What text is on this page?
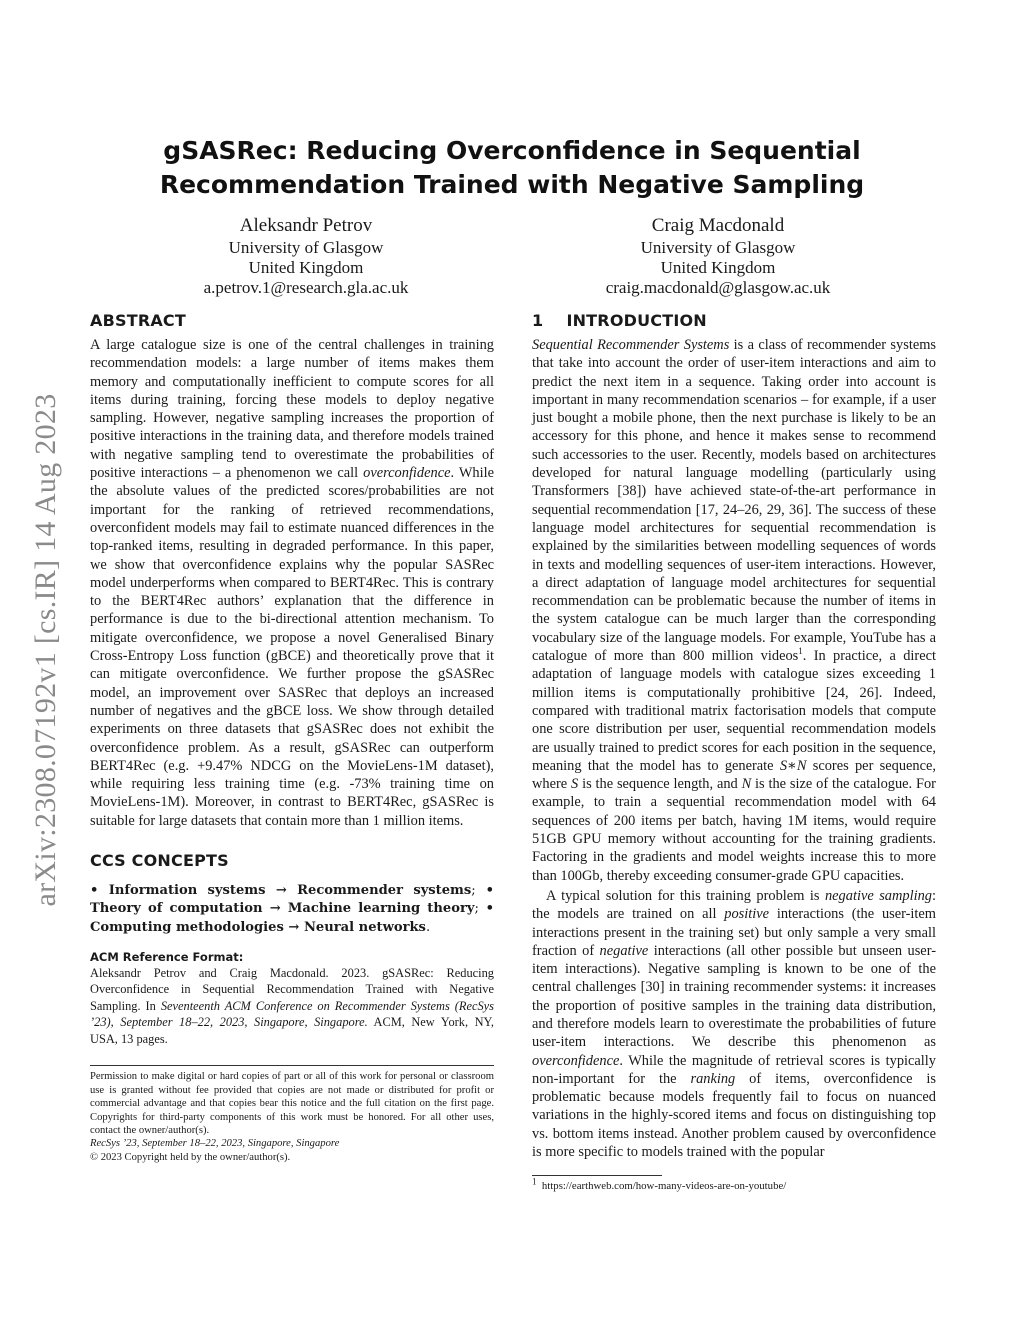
arXiv:2308.07192v1 [cs.IR] 14 Aug 2023
gSASRec: Reducing Overconfidence in Sequential
Recommendation Trained with Negative Sampling
Aleksandr Petrov
University of Glasgow
United Kingdom
a.petrov.1@research.gla.ac.uk
Craig Macdonald
University of Glasgow
United Kingdom
craig.macdonald@glasgow.ac.uk
ABSTRACT

A large catalogue size is one of the central challenges in training recommendation models: a large number of items makes them memory and computationally inefficient to compute scores for all items during training, forcing these models to deploy negative sampling. However, negative sampling increases the proportion of positive interactions in the training data, and therefore models trained with negative sampling tend to overestimate the probabilities of positive interactions – a phenomenon we call overconfidence. While the absolute values of the predicted scores/probabilities are not important for the ranking of retrieved recommendations, overconfident models may fail to estimate nuanced differences in the top-ranked items, resulting in degraded performance. In this paper, we show that overconfidence explains why the popular SASRec model underperforms when compared to BERT4Rec. This is contrary to the BERT4Rec authors’ explanation that the difference in performance is due to the bi-directional attention mechanism. To mitigate overconfidence, we propose a novel Generalised Binary Cross-Entropy Loss function (gBCE) and theoretically prove that it can mitigate overconfidence. We further propose the gSASRec model, an improvement over SASRec that deploys an increased number of negatives and the gBCE loss. We show through detailed experiments on three datasets that gSASRec does not exhibit the overconfidence problem. As a result, gSASRec can outperform BERT4Rec (e.g. +9.47% NDCG on the MovieLens-1M dataset), while requiring less training time (e.g. -73% training time on MovieLens-1M). Moreover, in contrast to BERT4Rec, gSASRec is suitable for large datasets that contain more than 1 million items.

CCS CONCEPTS
• Information systems → Recommender systems; • Theory of computation → Machine learning theory; • Computing methodologies → Neural networks.
ACM Reference Format:

Aleksandr Petrov and Craig Macdonald. 2023. gSASRec: Reducing Overconfidence in Sequential Recommendation Trained with Negative Sampling. In Seventeenth ACM Conference on Recommender Systems (RecSys ’23), September 18–22, 2023, Singapore, Singapore. ACM, New York, NY, USA, 13 pages.

Permission to make digital or hard copies of part or all of this work for personal or classroom use is granted without fee provided that copies are not made or distributed for profit or commercial advantage and that copies bear this notice and the full citation on the first page. Copyrights for third-party components of this work must be honored. For all other uses, contact the owner/author(s).

RecSys ’23, September 18–22, 2023, Singapore, Singapore

© 2023 Copyright held by the owner/author(s).

1 INTRODUCTION

Sequential Recommender Systems is a class of recommender systems that take into account the order of user-item interactions and aim to predict the next item in a sequence. Taking order into account is important in many recommendation scenarios – for example, if a user just bought a mobile phone, then the next purchase is likely to be an accessory for this phone, and hence it makes sense to recommend such accessories to the user. Recently, models based on architectures developed for natural language modelling (particularly using Transformers [38]) have achieved state-of-the-art performance in sequential recommendation [17, 24–26, 29, 36]. The success of these language model architectures for sequential recommendation is explained by the similarities between modelling sequences of words in texts and modelling sequences of user-item interactions. However, a direct adaptation of language model architectures for sequential recommendation can be problematic because the number of items in the system catalogue can be much larger than the corresponding vocabulary size of the language models. For example, YouTube has a catalogue of more than 800 million videos$^1$. In practice, a direct adaptation of language models with catalogue sizes exceeding 1 million items is computationally prohibitive [24, 26]. Indeed, compared with traditional matrix factorisation models that compute one score distribution per user, sequential recommendation models are usually trained to predict scores for each position in the sequence, meaning that the model has to generate S∗N scores per sequence, where S is the sequence length, and N is the size of the catalogue. For example, to train a sequential recommendation model with 64 sequences of 200 items per batch, having 1M items, would require 51GB GPU memory without accounting for the training gradients. Factoring in the gradients and model weights increase this to more than 100Gb, thereby exceeding consumer-grade GPU capacities.

A typical solution for this training problem is negative sampling: the models are trained on all positive interactions (the user-item interactions present in the training set) but only sample a very small fraction of negative interactions (all other possible but unseen user-item interactions). Negative sampling is known to be one of the central challenges [30] in training recommender systems: it increases the proportion of positive samples in the training data distribution, and therefore models learn to overestimate the probabilities of future user-item interactions. We describe this phenomenon as overconfidence. While the magnitude of retrieval scores is typically non-important for the ranking of items, overconfidence is problematic because models frequently fail to focus on nuanced variations in the highly-scored items and focus on distinguishing top vs. bottom items instead. Another problem caused by overconfidence is more specific to models trained with the popular

$^1$ https://earthweb.com/how-many-videos-are-on-youtube/
